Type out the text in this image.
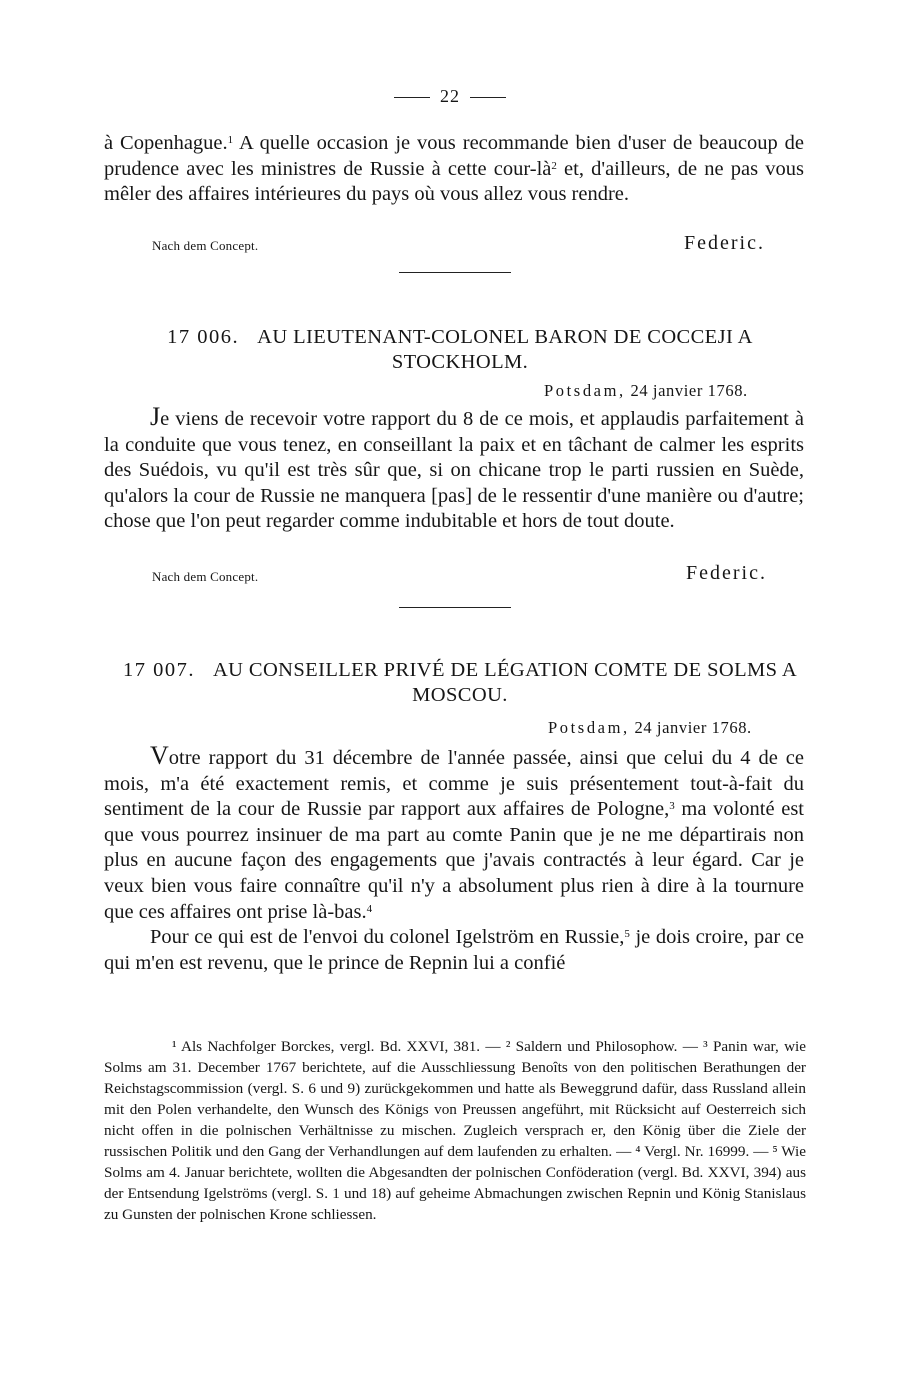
22

à Copenhague.$^1$ A quelle occasion je vous recommande bien d'user de beaucoup de prudence avec les ministres de Russie à cette cour-$là^2$ et, d'ailleurs, de ne pas vous mêler des affaires intérieures du pays où vous allez vous rendre.

Nach dem Concept.	Federic.
17 006. AU LIEUTENANT-COLONEL BARON DE COCCEJI A STOCKHOLM.
Potsdam, 24 janvier 1768.

Je viens de recevoir votre rapport du 8 de ce mois, et applaudis parfaitement à la conduite que vous tenez, en conseillant la paix et en tâchant de calmer les esprits des Suédois, vu qu'il est très sûr que, si on chicane trop le parti russien en Suède, qu'alors la cour de Russie ne manquera [pas] de le ressentir d'une manière ou d'autre; chose que l'on peut regarder comme indubitable et hors de tout doute.

Nach dem Concept.	Federic.
17 007. AU CONSEILLER PRIVÉ DE LÉGATION COMTE DE SOLMS A MOSCOU.
Potsdam, 24 janvier 1768.

Votre rapport du 31 décembre de l'année passée, ainsi que celui du 4 de ce mois, m'a été exactement remis, et comme je suis présentement tout-à-fait du sentiment de la cour de Russie par rapport aux affaires de Pologne,$^3$ ma volonté est que vous pourrez insinuer de ma part au comte Panin que je ne me départirais non plus en aucune façon des engagements que j'avais contractés à leur égard. Car je veux bien vous faire connaître qu'il n'y a absolument plus rien à dire à la tournure que ces affaires ont prise là-bas.$^4$

Pour ce qui est de l'envoi du colonel Igelström en Russie,$^5$ je dois croire, par ce qui m'en est revenu, que le prince de Repnin lui a confié

¹ Als Nachfolger Borckes, vergl. Bd. XXVI, 381. — ² Saldern und Philosophow. — ³ Panin war, wie Solms am 31. December 1767 berichtete, auf die Ausschliessung Benoîts von den politischen Berathungen der Reichstagscommission (vergl. S. 6 und 9) zurückgekommen und hatte als Beweggrund dafür, dass Russland allein mit den Polen verhandelte, den Wunsch des Königs von Preussen angeführt, mit Rücksicht auf Oesterreich sich nicht offen in die polnischen Verhältnisse zu mischen. Zugleich versprach er, den König über die Ziele der russischen Politik und den Gang der Verhandlungen auf dem laufenden zu erhalten. — ⁴ Vergl. Nr. 16999. — ⁵ Wie Solms am 4. Januar berichtete, wollten die Abgesandten der polnischen Conföderation (vergl. Bd. XXVI, 394) aus der Entsendung Igelströms (vergl. S. 1 und 18) auf geheime Abmachungen zwischen Repnin und König Stanislaus zu Gunsten der polnischen Krone schliessen.
